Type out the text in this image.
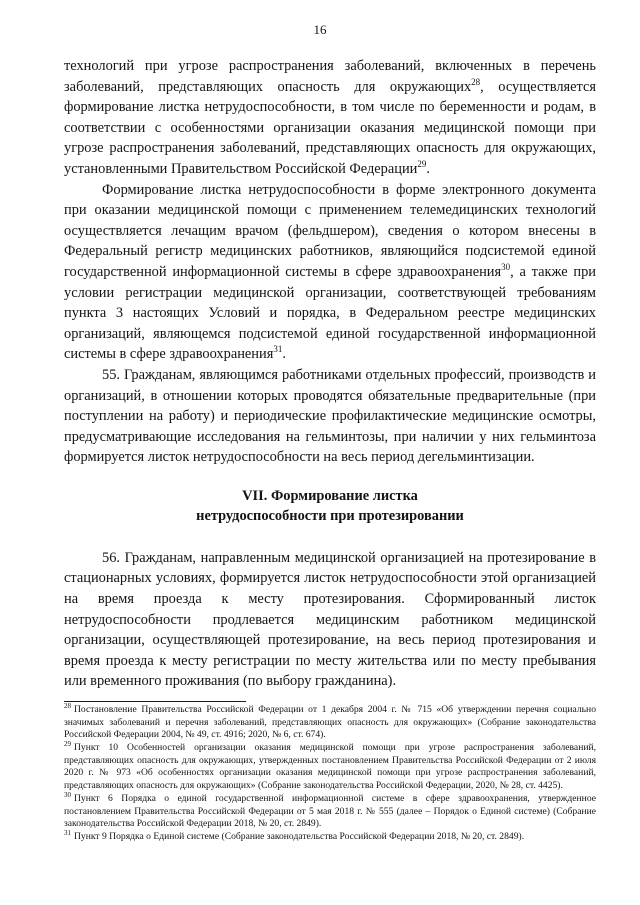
16

технологий при угрозе распространения заболеваний, включенных в перечень заболеваний, представляющих опасность для окружающих$^{28}$, осуществляется формирование листка нетрудоспособности, в том числе по беременности и родам, в соответствии с особенностями организации оказания медицинской помощи при угрозе распространения заболеваний, представляющих опасность для окружающих, установленными Правительством Российской Федерации$^{29}$.

Формирование листка нетрудоспособности в форме электронного документа при оказании медицинской помощи с применением телемедицинских технологий осуществляется лечащим врачом (фельдшером), сведения о котором внесены в Федеральный регистр медицинских работников, являющийся подсистемой единой государственной информационной системы в сфере здравоохранения$^{30}$, а также при условии регистрации медицинской организации, соответствующей требованиям пункта 3 настоящих Условий и порядка, в Федеральном реестре медицинских организаций, являющемся подсистемой единой государственной информационной системы в сфере здравоохранения$^{31}$.

55. Гражданам, являющимся работниками отдельных профессий, производств и организаций, в отношении которых проводятся обязательные предварительные (при поступлении на работу) и периодические профилактические медицинские осмотры, предусматривающие исследования на гельминтозы, при наличии у них гельминтоза формируется листок нетрудоспособности на весь период дегельминтизации.

VII. Формирование листка
нетрудоспособности при протезировании

56. Гражданам, направленным медицинской организацией на протезирование в стационарных условиях, формируется листок нетрудоспособности этой организацией на время проезда к месту протезирования. Сформированный листок нетрудоспособности продлевается медицинским работником медицинской организации, осуществляющей протезирование, на весь период протезирования и время проезда к месту регистрации по месту жительства или по месту пребывания или временного проживания (по выбору гражданина).

$^{28}$ Постановление Правительства Российской Федерации от 1 декабря 2004 г. № 715 «Об утверждении перечня социально значимых заболеваний и перечня заболеваний, представляющих опасность для окружающих» (Собрание законодательства Российской Федерации 2004, № 49, ст. 4916; 2020, № 6, ст. 674).

$^{29}$ Пункт 10 Особенностей организации оказания медицинской помощи при угрозе распространения заболеваний, представляющих опасность для окружающих, утвержденных постановлением Правительства Российской Федерации от 2 июля 2020 г. № 973 «Об особенностях организации оказания медицинской помощи при угрозе распространения заболеваний, представляющих опасность для окружающих» (Собрание законодательства Российской Федерации, 2020, № 28, ст. 4425).

$^{30}$ Пункт 6 Порядка о единой государственной информационной системе в сфере здравоохранения, утвержденное постановлением Правительства Российской Федерации от 5 мая 2018 г. № 555 (далее – Порядок о Единой системе) (Собрание законодательства Российской Федерации 2018, № 20, ст. 2849).

$^{31}$ Пункт 9 Порядка о Единой системе (Собрание законодательства Российской Федерации 2018, № 20, ст. 2849).
